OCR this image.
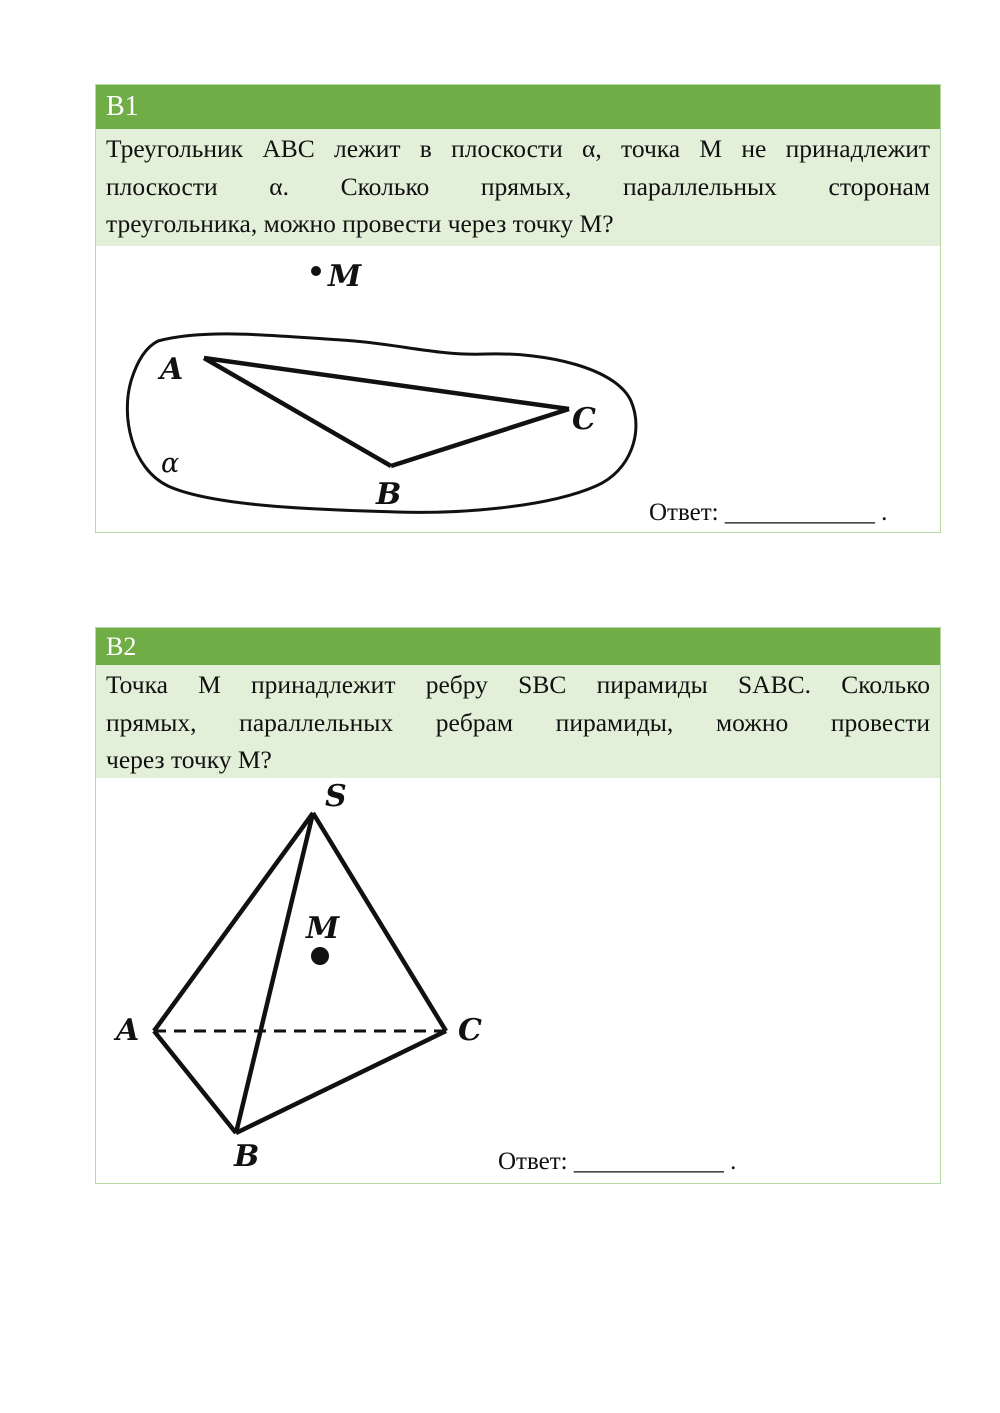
B1
Треугольник ABC лежит в плоскости α, точка M не принадлежит
плоскости α. Сколько прямых, параллельных сторонам
треугольника, можно провести через точку M?
M
A
C
B
α
Ответ: ____________ .
B2
Точка M принадлежит ребру SBC пирамиды SABC. Сколько
прямых, параллельных ребрам пирамиды, можно провести
через точку M?
S
M
A	C
B	Ответ: ____________ .
